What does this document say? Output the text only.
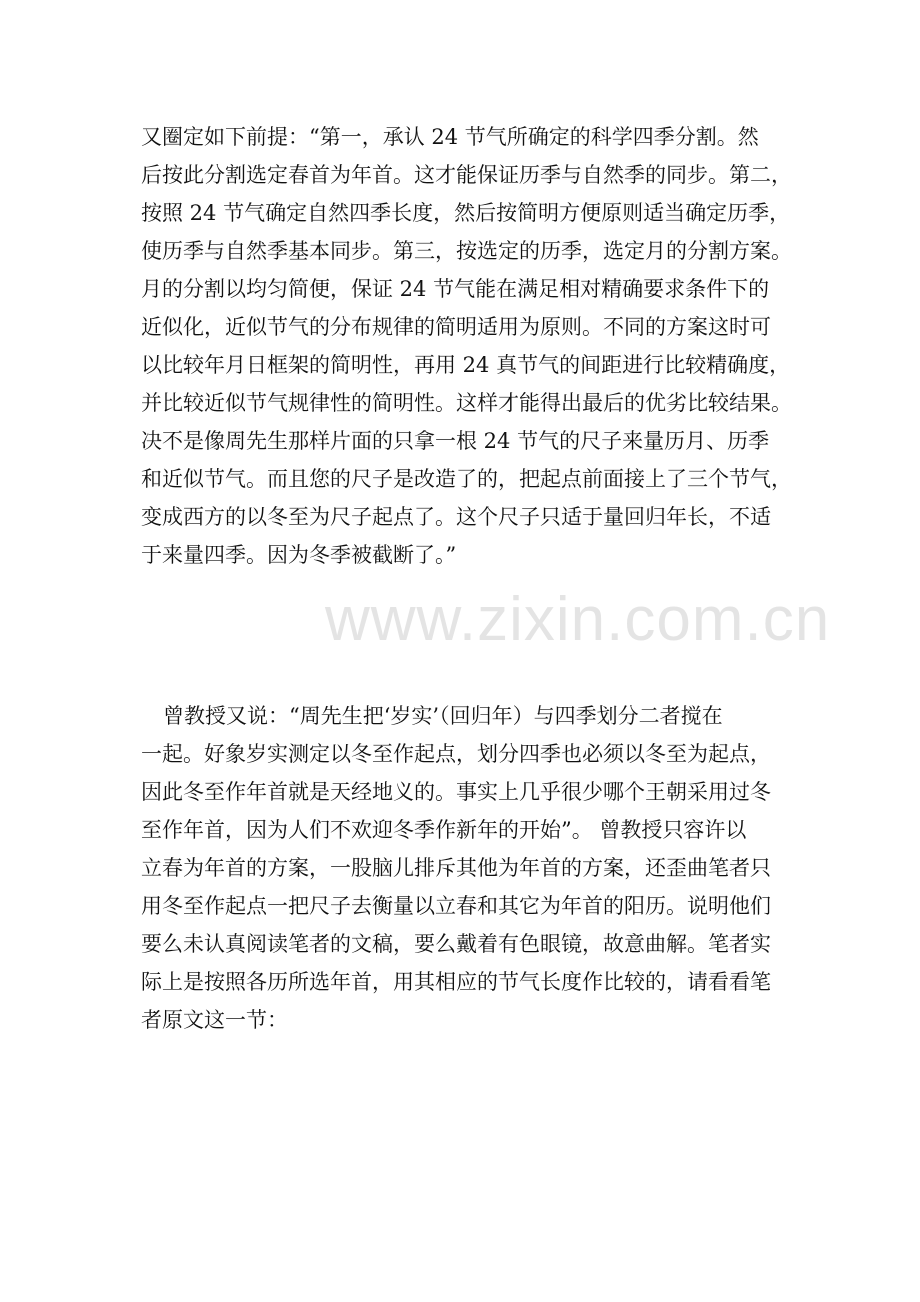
又圈定如下前提：“第一，承认 24 节气所确定的科学四季分割。然
后按此分割选定春首为年首。这才能保证历季与自然季的同步。第二，
按照 24 节气确定自然四季长度，然后按简明方便原则适当确定历季，
使历季与自然季基本同步。第三，按选定的历季，选定月的分割方案。
月的分割以均匀简便，保证 24 节气能在满足相对精确要求条件下的
近似化，近似节气的分布规律的简明适用为原则。不同的方案这时可
以比较年月日框架的简明性，再用 24 真节气的间距进行比较精确度，
并比较近似节气规律性的简明性。这样才能得出最后的优劣比较结果。
决不是像周先生那样片面的只拿一根 24 节气的尺子来量历月、历季
和近似节气。而且您的尺子是改造了的，把起点前面接上了三个节气，
变成西方的以冬至为尺子起点了。这个尺子只适于量回归年长，不适
于来量四季。因为冬季被截断了。”
曾教授又说：“周先生把‘岁实’（回归年）与四季划分二者搅在
一起。好象岁实测定以冬至作起点，划分四季也必须以冬至为起点，
因此冬至作年首就是天经地义的。事实上几乎很少哪个王朝采用过冬
至作年首，因为人们不欢迎冬季作新年的开始”。 曾教授只容许以
立春为年首的方案，一股脑儿排斥其他为年首的方案，还歪曲笔者只
用冬至作起点一把尺子去衡量以立春和其它为年首的阳历。说明他们
要么未认真阅读笔者的文稿，要么戴着有色眼镜，故意曲解。笔者实
际上是按照各历所选年首，用其相应的节气长度作比较的，请看看笔
者原文这一节：
www.zixin.com.cn
